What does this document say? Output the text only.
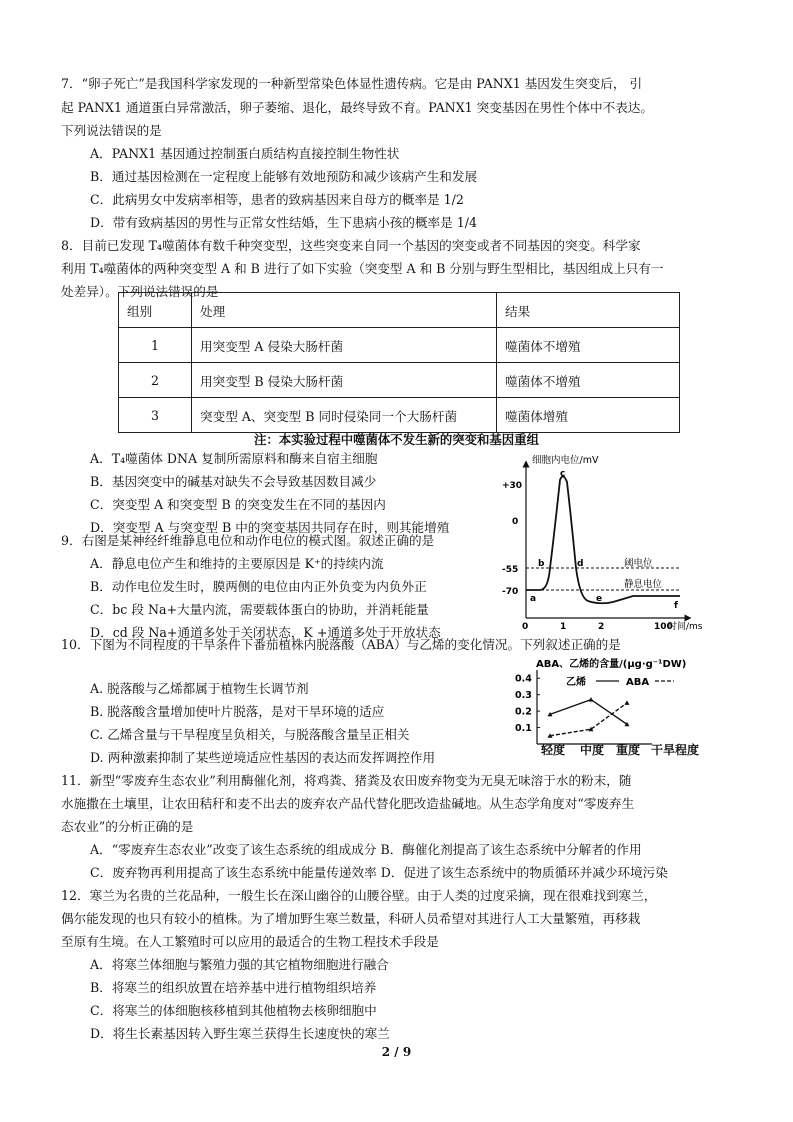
7．“卵子死亡”是我国科学家发现的一种新型常染色体显性遗传病。它是由 PANX1 基因发生突变后， 引
起 PANX1 通道蛋白异常激活，卵子萎缩、退化，最终导致不育。PANX1 突变基因在男性个体中不表达。
下列说法错误的是
A．PANX1 基因通过控制蛋白质结构直接控制生物性状
B．通过基因检测在一定程度上能够有效地预防和减少该病产生和发展
C．此病男女中发病率相等，患者的致病基因来自母方的概率是 1/2
D．带有致病基因的男性与正常女性结婚，生下患病小孩的概率是 1/4
8．目前已发现 T₄噬菌体有数千种突变型，这些突变来自同一个基因的突变或者不同基因的突变。科学家
利用 T₄噬菌体的两种突变型 A 和 B 进行了如下实验（突变型 A 和 B 分别与野生型相比，基因组成上只有一
处差异）。下列说法错误的是
组别	处理	结果
1	用突变型 A 侵染大肠杆菌	噬菌体不增殖
2	用突变型 B 侵染大肠杆菌	噬菌体不增殖
3	突变型 A、突变型 B 同时侵染同一个大肠杆菌	噬菌体增殖
注：本实验过程中噬菌体不发生新的突变和基因重组
A．T₄噬菌体 DNA 复制所需原料和酶来自宿主细胞
B．基因突变中的碱基对缺失不会导致基因数目减少
C．突变型 A 和突变型 B 的突变发生在不同的基因内
D．突变型 A 与突变型 B 中的突变基因共同存在时，则其能增殖
9．右图是某神经纤维静息电位和动作电位的模式图。叙述正确的是
A．静息电位产生和维持的主要原因是 K⁺的持续内流
B．动作电位发生时，膜两侧的电位由内正外负变为内负外正
C．bc 段 Na+大量内流，需要载体蛋白的协助，并消耗能量
D．cd 段 Na+通道多处于关闭状态，K +通道多处于开放状态
细胞内电位/mV
+30
0
-55
-70
0	1	2	100
时间/ms
阈电位
静息电位
a
b
c
d
e
f
10．下图为不同程度的干旱条件下番茄植株内脱落酸（ABA）与乙烯的变化情况。下列叙述正确的是
A. 脱落酸与乙烯都属于植物生长调节剂
B. 脱落酸含量增加使叶片脱落，是对干旱环境的适应
C. 乙烯含量与干旱程度呈负相关，与脱落酸含量呈正相关
D. 两种激素抑制了某些逆境适应性基因的表达而发挥调控作用
ABA、乙烯的含量/(μg·g⁻¹DW)
乙烯	ABA
0.1
0.2
0.3
0.4
轻度 中度 重度 干旱程度
11．新型“零废弃生态农业”利用酶催化剂，将鸡粪、猪粪及农田废弃物变为无臭无味溶于水的粉末，随
水施撒在土壤里，让农田秸秆和麦不出去的废弃农产品代替化肥改造盐碱地。从生态学角度对“零废弃生
态农业”的分析正确的是
A．“零废弃生态农业”改变了该生态系统的组成成分 B．酶催化剂提高了该生态系统中分解者的作用
C．废弃物再利用提高了该生态系统中能量传递效率 D．促进了该生态系统中的物质循环并减少环境污染
12．寒兰为名贵的兰花品种，一般生长在深山幽谷的山腰谷壁。由于人类的过度采摘，现在很难找到寒兰，
偶尔能发现的也只有较小的植株。为了增加野生寒兰数量，科研人员希望对其进行人工大量繁殖，再移栽
至原有生境。在人工繁殖时可以应用的最适合的生物工程技术手段是
A．将寒兰体细胞与繁殖力强的其它植物细胞进行融合
B．将寒兰的组织放置在培养基中进行植物组织培养
C．将寒兰的体细胞核移植到其他植物去核卵细胞中
D．将生长素基因转入野生寒兰获得生长速度快的寒兰
2 / 9
